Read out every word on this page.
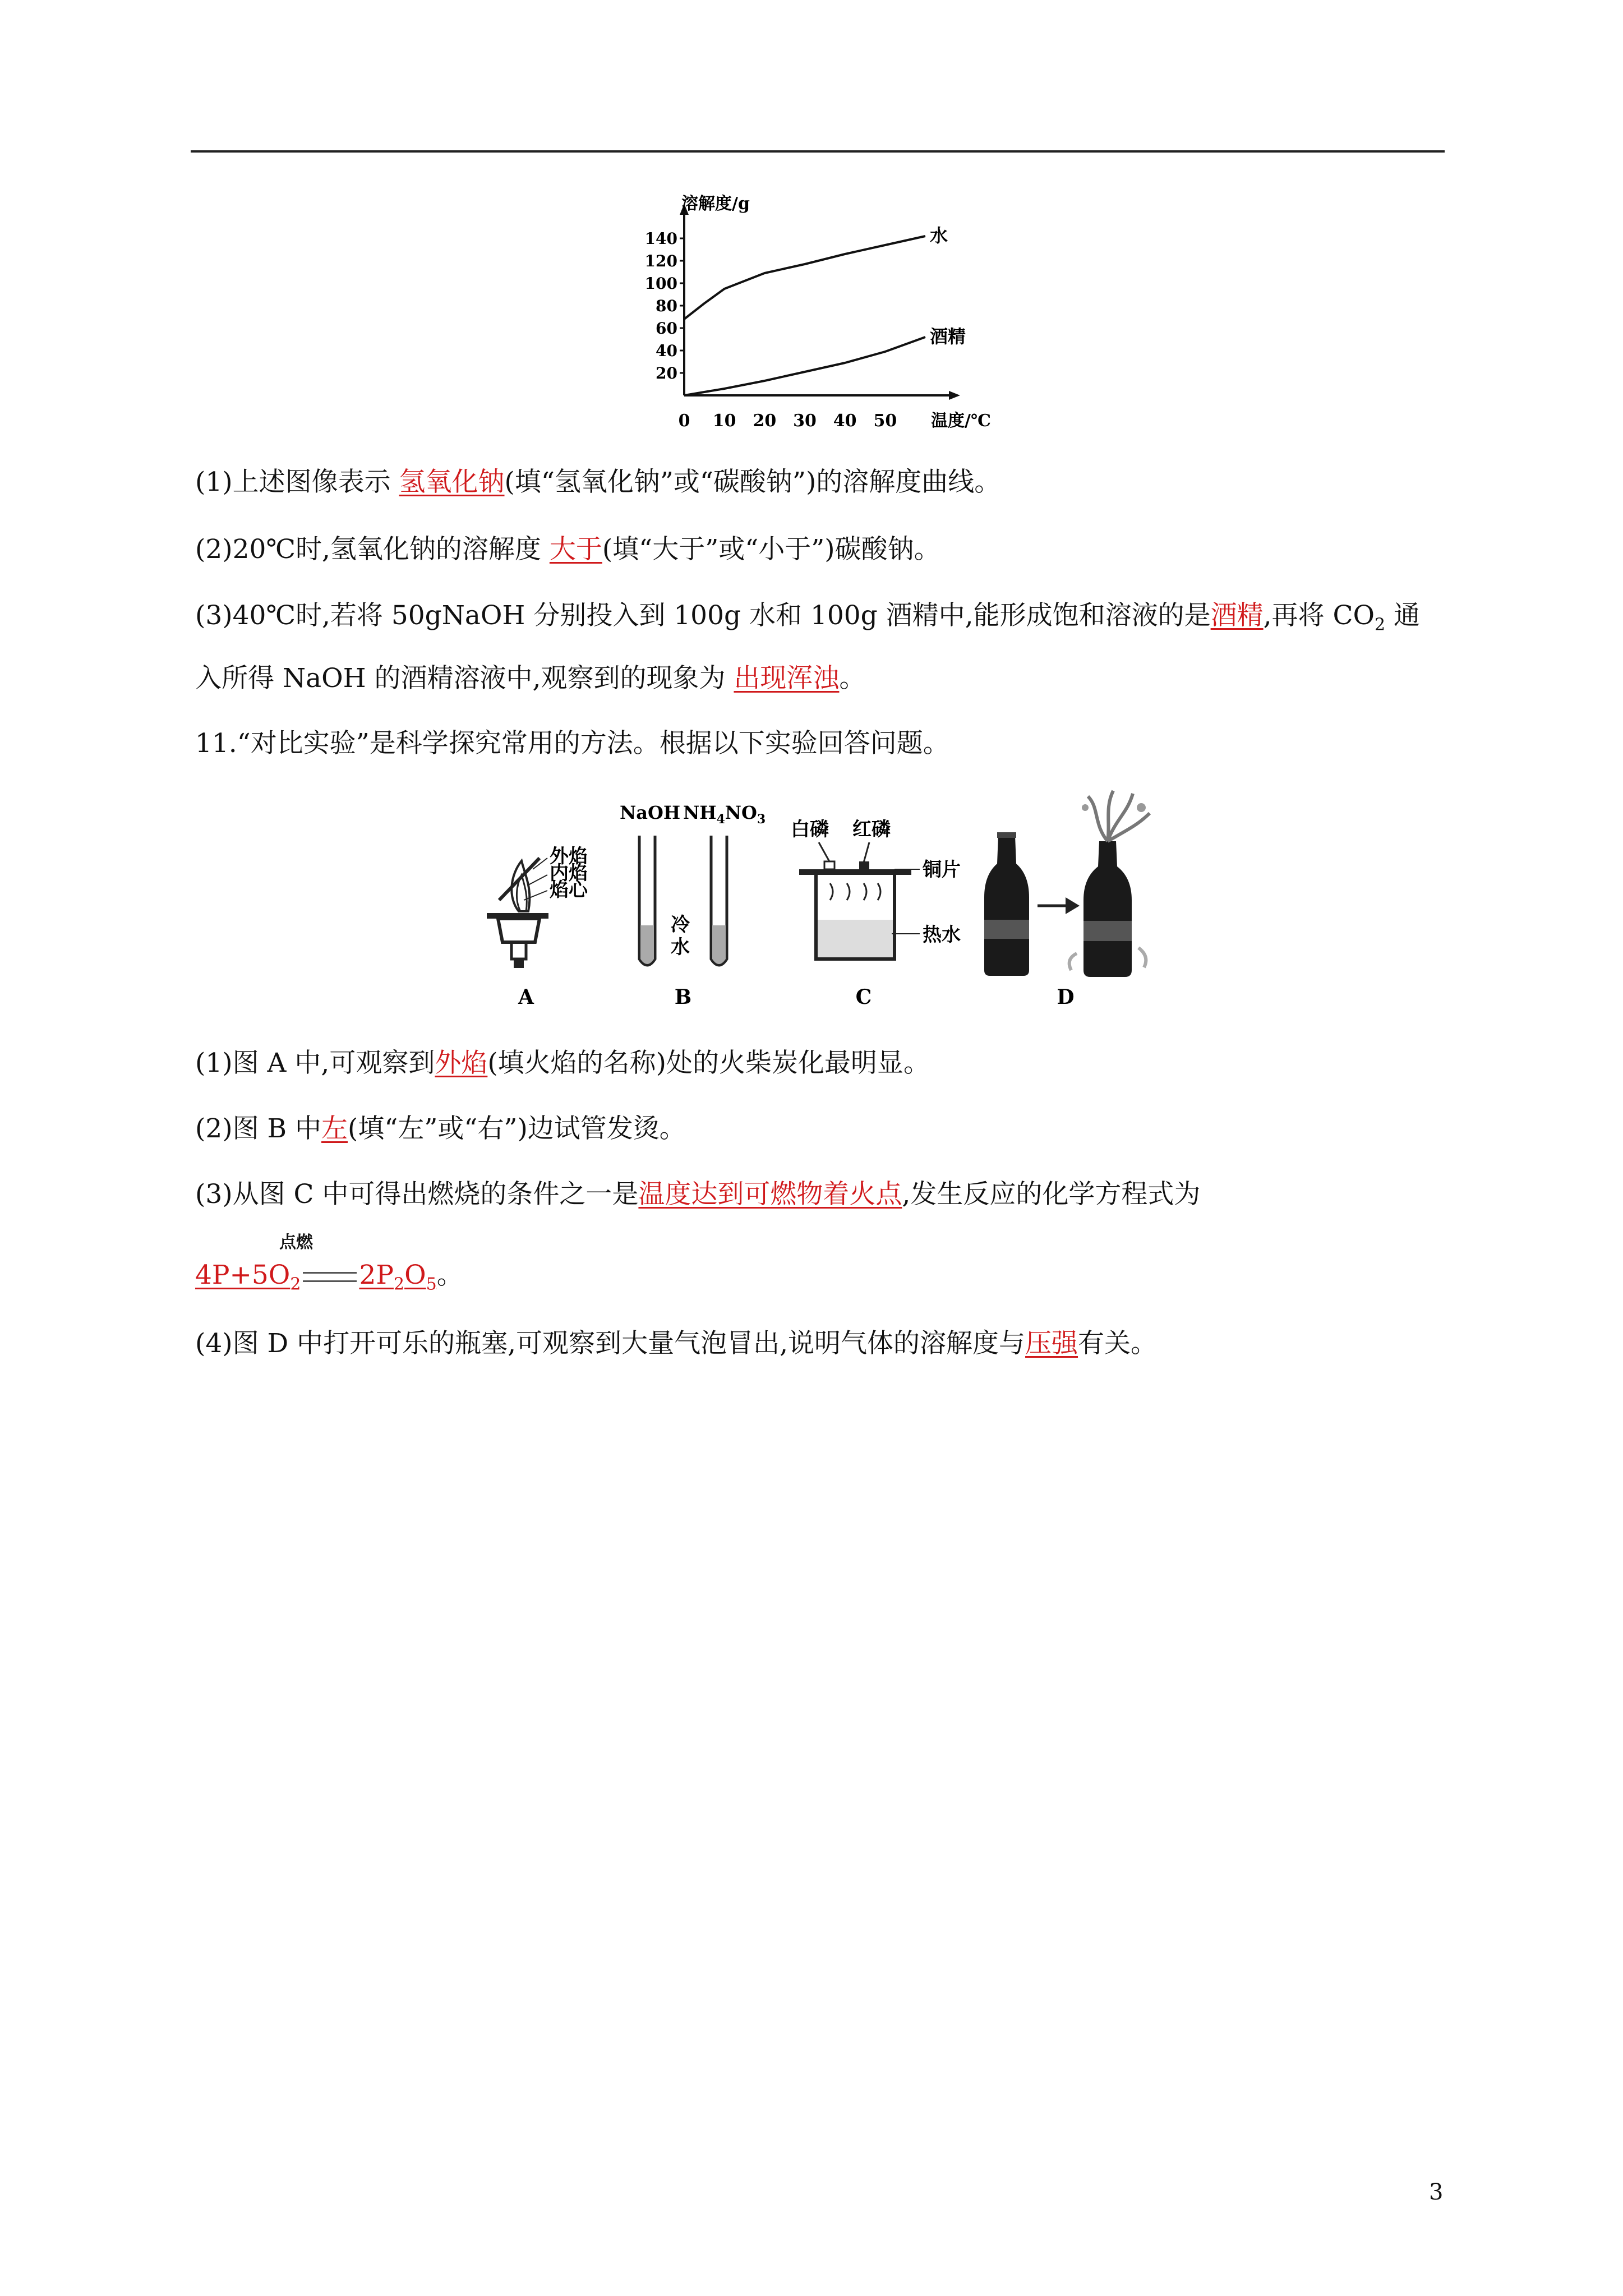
溶解度/g
温度/℃
20
40
60
80
100
120
140
0 10 20 30 40 50
水
酒精
(1)上述图像表示 氢氧化钠(填“氢氧化钠”或“碳酸钠”)的溶解度曲线。
(2)20℃时,氢氧化钠的溶解度 大于(填“大于”或“小于”)碳酸钠。
(3)40℃时,若将 50gNaOH 分别投入到 100g 水和 100g 酒精中,能形成饱和溶液的是酒精,再将 $CO_2$ 通
入所得 NaOH 的酒精溶液中,观察到的现象为 出现浑浊。
11.“对比实验”是科学探究常用的方法。根据以下实验回答问题。
外焰
内焰
焰心
NaOH $NH_4NO_3$
冷
水
白磷 红磷
铜片
热水
A	B	C	D
(1)图 A 中,可观察到外焰(填火焰的名称)处的火柴炭化最明显。
(2)图 B 中左(填“左”或“右”)边试管发烫。
(3)从图 C 中可得出燃烧的条件之一是温度达到可燃物着火点,发生反应的化学方程式为
点燃
$4P+5O_2$ $2P_2O_5$。
(4)图 D 中打开可乐的瓶塞,可观察到大量气泡冒出,说明气体的溶解度与压强有关。
3
